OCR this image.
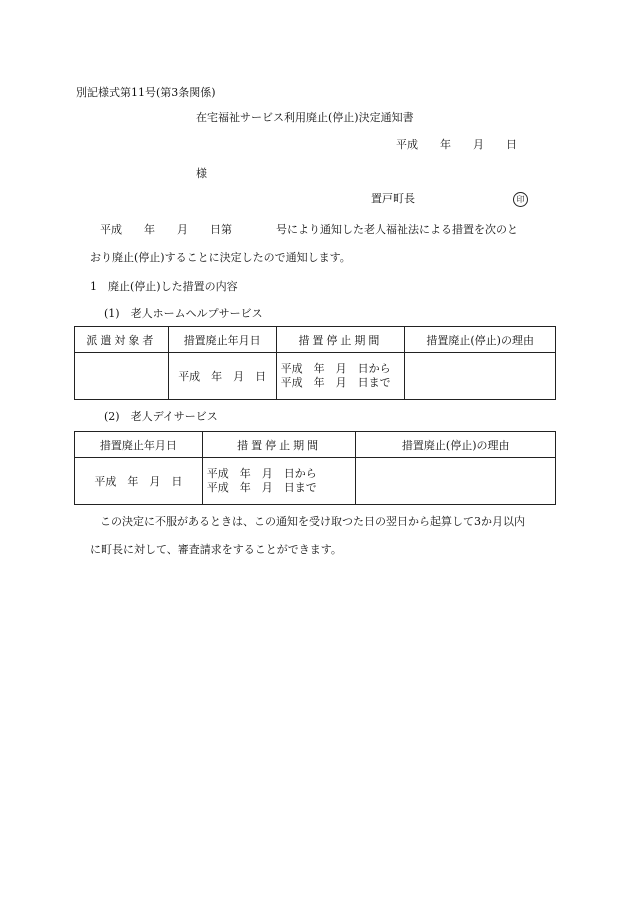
別記様式第11号(第3条関係)
在宅福祉サービス利用廃止(停止)決定通知書
平成　　年　　月　　日
様
置戸町長	印
平成　　年　　月　　日第　　　　号により通知した老人福祉法による措置を次のと
おり廃止(停止)することに決定したので通知します。
1　廃止(停止)した措置の内容
(1)　老人ホームヘルプサービス
派遣対象者	措置廃止年月日	措置停止期間	措置廃止(停止)の理由
	平成　年　月　日	平成　年　月　日から
平成　年　月　日まで	

(2)　老人デイサービス
措置廃止年月日	措置停止期間	措置廃止(停止)の理由
平成　年　月　日	平成　年　月　日から
平成　年　月　日まで	

この決定に不服があるときは、この通知を受け取つた日の翌日から起算して3か月以内
に町長に対して、審査請求をすることができます。
